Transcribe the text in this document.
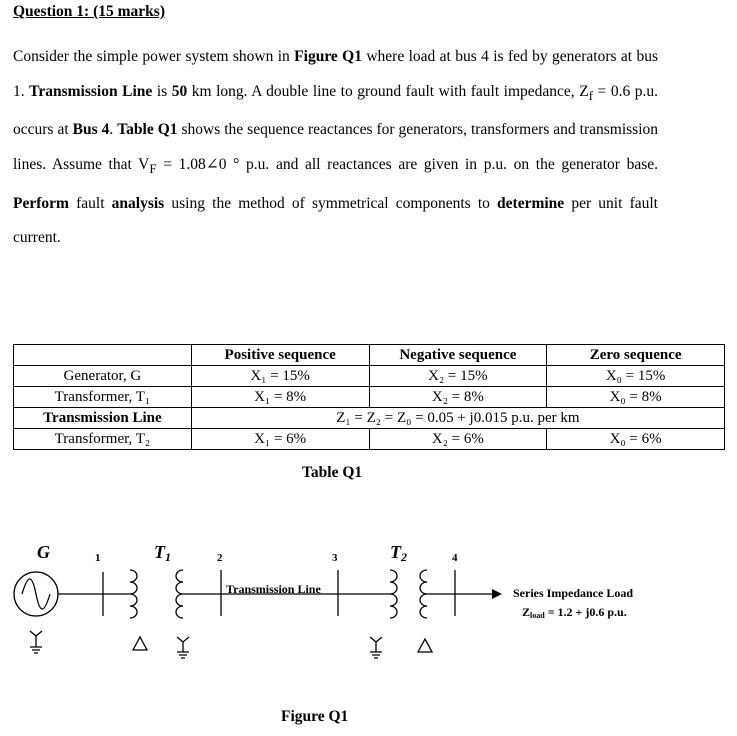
Question 1: (15 marks)

Consider the simple power system shown in Figure Q1 where load at bus 4 is fed by generators at bus 1. Transmission Line is 50 km long. A double line to ground fault with fault impedance, $Z_f = 0.6$ p.u. occurs at Bus 4. Table Q1 shows the sequence reactances for generators, transformers and transmission lines. Assume that $V_F$ = 1.08∠0 ° p.u. and all reactances are given in p.u. on the generator base. Perform fault analysis using the method of symmetrical components to determine per unit fault current.

	Positive sequence	Negative sequence	Zero sequence
Generator, G	X₁ = 15%	X₂ = 15%	X₀ = 15%
Transformer, T₁	X₁ = 8%	X₂ = 8%	X₀ = 8%
Transmission Line	Z₁ = Z₂ = Z₀ = 0.05 + j0.015 p.u. per km		
Transformer, T₂	X₁ = 6%	X₂ = 6%	X₀ = 6%
Table Q1
G	T1	T2
1	2	3	4
Transmission Line	Series Impedance Load
Zload = 1.2 + j0.6 p.u.
Figure Q1
